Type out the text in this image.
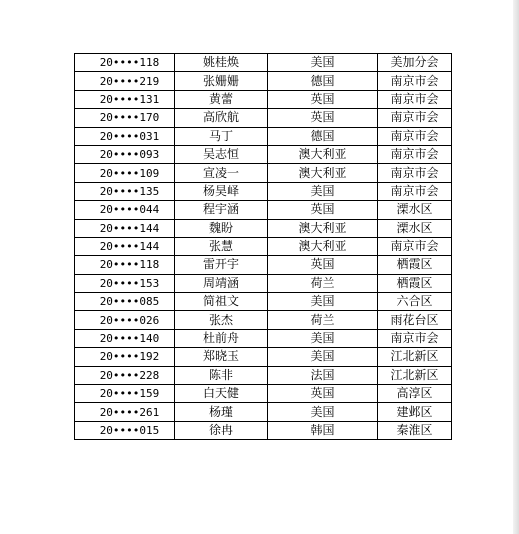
20••••118	姚桂焕	美国	美加分会
20••••219	张姗姗	德国	南京市会
20••••131	黄蕾	英国	南京市会
20••••170	高欣航	英国	南京市会
20••••031	马丁	德国	南京市会
20••••093	吴志恒	澳大利亚	南京市会
20••••109	宣凌一	澳大利亚	南京市会
20••••135	杨昊峄	美国	南京市会
20••••044	程宇涵	英国	溧水区
20••••144	魏盼	澳大利亚	溧水区
20••••144	张慧	澳大利亚	南京市会
20••••118	雷开宇	英国	栖霞区
20••••153	周靖涵	荷兰	栖霞区
20••••085	简祖文	美国	六合区
20••••026	张杰	荷兰	雨花台区
20••••140	杜前舟	美国	南京市会
20••••192	郑晓玉	美国	江北新区
20••••228	陈非	法国	江北新区
20••••159	白天健	英国	高淳区
20••••261	杨瑾	美国	建邺区
20••••015	徐冉	韩国	秦淮区
